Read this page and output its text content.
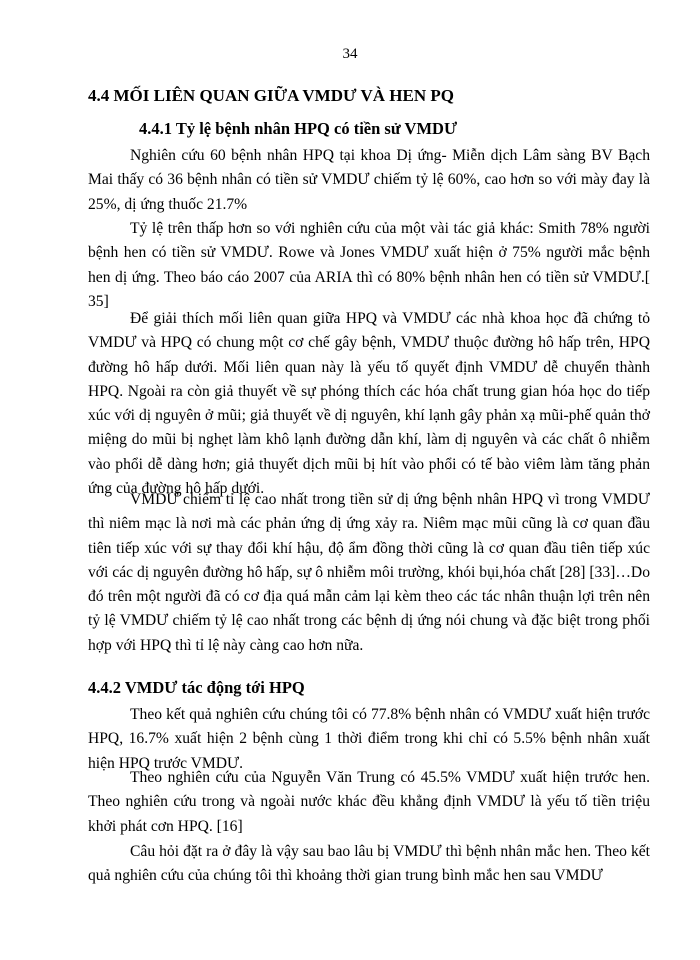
34
4.4 MỐI LIÊN QUAN GIỮA VMDƯ VÀ HEN PQ
4.4.1 Tỷ lệ bệnh nhân HPQ có tiền sử VMDƯ

Nghiên cứu 60 bệnh nhân HPQ tại khoa Dị ứng- Miễn dịch Lâm sàng BV Bạch Mai thấy có 36 bệnh nhân có tiền sử VMDƯ chiếm tỷ lệ 60%, cao hơn so với mày đay là 25%, dị ứng thuốc 21.7%

Tỷ lệ trên thấp hơn so với nghiên cứu của một vài tác giả khác: Smith 78% người bệnh hen có tiền sử VMDƯ. Rowe và Jones VMDƯ xuất hiện ở 75% người mắc bệnh hen dị ứng. Theo báo cáo 2007 của ARIA thì có 80% bệnh nhân hen có tiền sử VMDƯ.[ 35]

Để giải thích mối liên quan giữa HPQ và VMDƯ các nhà khoa học đã chứng tỏ VMDƯ và HPQ có chung một cơ chế gây bệnh, VMDƯ thuộc đường hô hấp trên, HPQ đường hô hấp dưới. Mối liên quan này là yếu tố quyết định VMDƯ dễ chuyển thành HPQ. Ngoài ra còn giả thuyết về sự phóng thích các hóa chất trung gian hóa học do tiếp xúc với dị nguyên ở mũi; giả thuyết về dị nguyên, khí lạnh gây phản xạ mũi-phế quản thở miệng do mũi bị nghẹt làm khô lạnh đường dẫn khí, làm dị nguyên và các chất ô nhiễm vào phổi dễ dàng hơn; giả thuyết dịch mũi bị hít vào phổi có tế bào viêm làm tăng phản ứng của đường hô hấp dưới.

VMDƯ chiếm tỉ lệ cao nhất trong tiền sử dị ứng bệnh nhân HPQ vì trong VMDƯ thì niêm mạc là nơi mà các phản ứng dị ứng xảy ra. Niêm mạc mũi cũng là cơ quan đầu tiên tiếp xúc với sự thay đổi khí hậu, độ ẩm đồng thời cũng là cơ quan đầu tiên tiếp xúc với các dị nguyên đường hô hấp, sự ô nhiễm môi trường, khói bụi,hóa chất [28] [33]…Do đó trên một người đã có cơ địa quá mẫn cảm lại kèm theo các tác nhân thuận lợi trên nên tỷ lệ VMDƯ chiếm tỷ lệ cao nhất trong các bệnh dị ứng nói chung và đặc biệt trong phối hợp với HPQ thì tỉ lệ này càng cao hơn nữa.

4.4.2 VMDƯ tác động tới HPQ

Theo kết quả nghiên cứu chúng tôi có 77.8% bệnh nhân có VMDƯ xuất hiện trước HPQ, 16.7% xuất hiện 2 bệnh cùng 1 thời điểm trong khi chỉ có 5.5% bệnh nhân xuất hiện HPQ trước VMDƯ.

Theo nghiên cứu của Nguyễn Văn Trung có 45.5% VMDƯ xuất hiện trước hen. Theo nghiên cứu trong và ngoài nước khác đều khẳng định VMDƯ là yếu tố tiền triệu khởi phát cơn HPQ. [16]

Câu hỏi đặt ra ở đây là vậy sau bao lâu bị VMDƯ thì bệnh nhân mắc hen. Theo kết quả nghiên cứu của chúng tôi thì khoảng thời gian trung bình mắc hen sau VMDƯ
